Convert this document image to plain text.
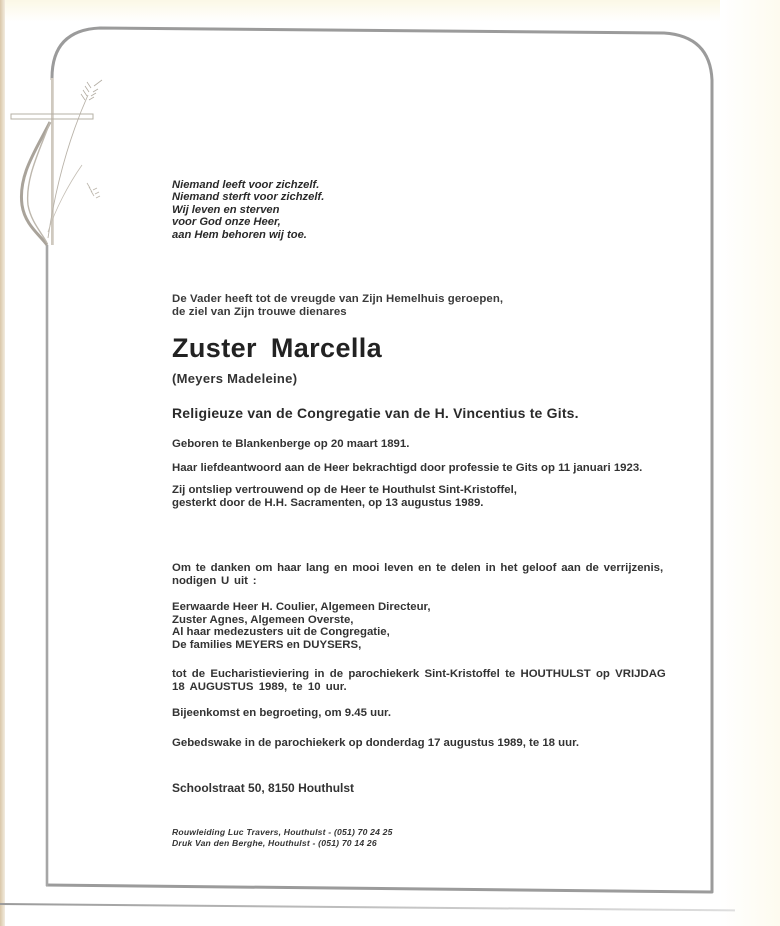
Niemand leeft voor zichzelf.
Niemand sterft voor zichzelf.
Wij leven en sterven
voor God onze Heer,
aan Hem behoren wij toe.
De Vader heeft tot de vreugde van Zijn Hemelhuis geroepen,
de ziel van Zijn trouwe dienares
Zuster Marcella
(Meyers Madeleine)
Religieuze van de Congregatie van de H. Vincentius te Gits.
Geboren te Blankenberge op 20 maart 1891.
Haar liefdeantwoord aan de Heer bekrachtigd door professie te Gits op 11 januari 1923.
Zij ontsliep vertrouwend op de Heer te Houthulst Sint-Kristoffel,
gesterkt door de H.H. Sacramenten, op 13 augustus 1989.
Om te danken om haar lang en mooi leven en te delen in het geloof aan de verrijzenis,
nodigen U uit :
Eerwaarde Heer H. Coulier, Algemeen Directeur,
Zuster Agnes, Algemeen Overste,
Al haar medezusters uit de Congregatie,
De families MEYERS en DUYSERS,
tot de Eucharistieviering in de parochiekerk Sint-Kristoffel te HOUTHULST op VRIJDAG
18 AUGUSTUS 1989, te 10 uur.
Bijeenkomst en begroeting, om 9.45 uur.
Gebedswake in de parochiekerk op donderdag 17 augustus 1989, te 18 uur.
Schoolstraat 50, 8150 Houthulst
Rouwleiding Luc Travers, Houthulst - (051) 70 24 25
Druk Van den Berghe, Houthulst - (051) 70 14 26
